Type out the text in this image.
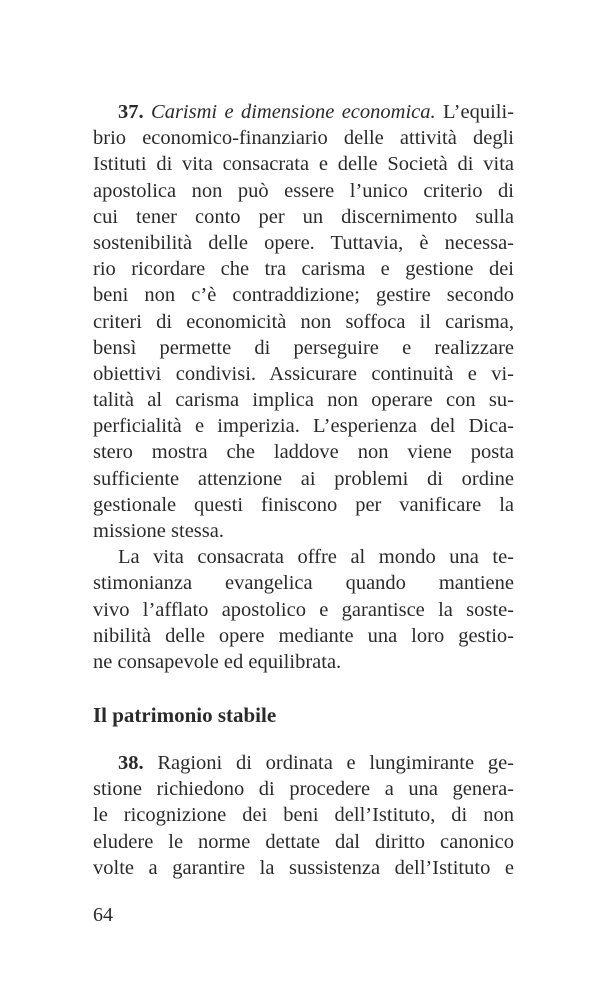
37. Carismi e dimensione economica. L’equili-
brio economico-finanziario delle attività degli
Istituti di vita consacrata e delle Società di vita
apostolica non può essere l’unico criterio di
cui tener conto per un discernimento sulla
sostenibilità delle opere. Tuttavia, è necessa-
rio ricordare che tra carisma e gestione dei
beni non c’è contraddizione; gestire secondo
criteri di economicità non soffoca il carisma,
bensì permette di perseguire e realizzare
obiettivi condivisi. Assicurare continuità e vi-
talità al carisma implica non operare con su-
perficialità e imperizia. L’esperienza del Dica-
stero mostra che laddove non viene posta
sufficiente attenzione ai problemi di ordine
gestionale questi finiscono per vanificare la
missione stessa.
La vita consacrata offre al mondo una te-
stimonianza evangelica quando mantiene
vivo l’afflato apostolico e garantisce la soste-
nibilità delle opere mediante una loro gestio-
ne consapevole ed equilibrata.
Il patrimonio stabile
38. Ragioni di ordinata e lungimirante ge-
stione richiedono di procedere a una genera-
le ricognizione dei beni dell’Istituto, di non
eludere le norme dettate dal diritto canonico
volte a garantire la sussistenza dell’Istituto e
64
